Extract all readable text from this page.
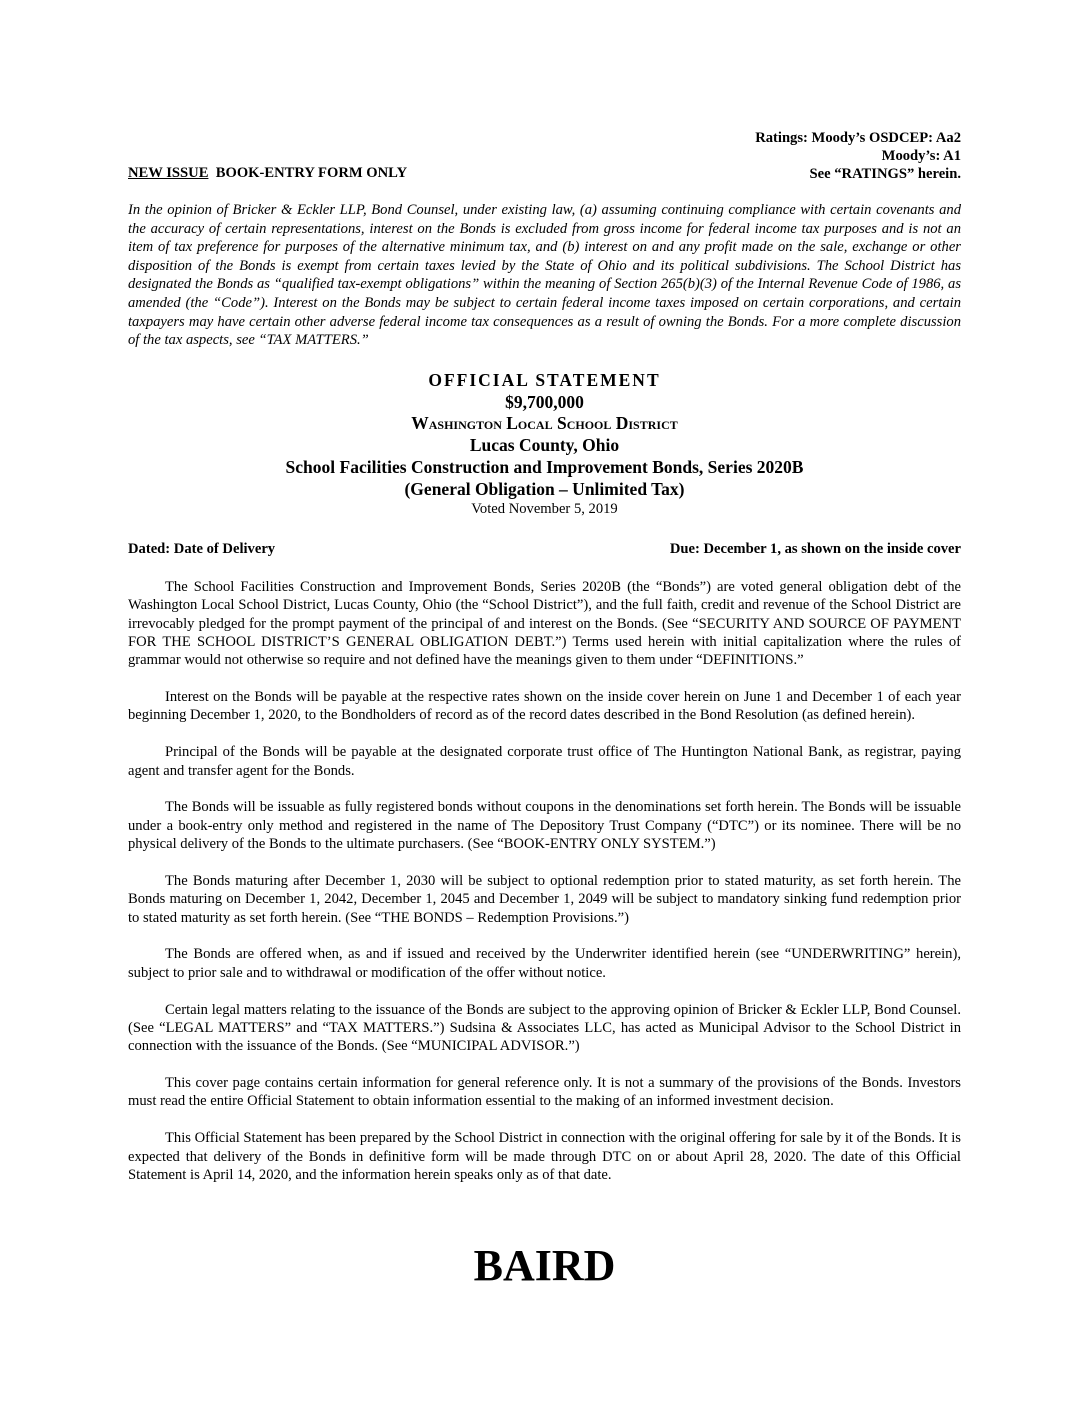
Ratings: Moody’s OSDCEP: Aa2
Moody’s: A1
See “RATINGS” herein.
NEW ISSUE BOOK-ENTRY FORM ONLY
In the opinion of Bricker & Eckler LLP, Bond Counsel, under existing law, (a) assuming continuing compliance with certain covenants and the accuracy of certain representations, interest on the Bonds is excluded from gross income for federal income tax purposes and is not an item of tax preference for purposes of the alternative minimum tax, and (b) interest on and any profit made on the sale, exchange or other disposition of the Bonds is exempt from certain taxes levied by the State of Ohio and its political subdivisions. The School District has designated the Bonds as “qualified tax-exempt obligations” within the meaning of Section 265(b)(3) of the Internal Revenue Code of 1986, as amended (the “Code”). Interest on the Bonds may be subject to certain federal income taxes imposed on certain corporations, and certain taxpayers may have certain other adverse federal income tax consequences as a result of owning the Bonds. For a more complete discussion of the tax aspects, see “TAX MATTERS.”
OFFICIAL STATEMENT
$9,700,000
Washington Local School District
Lucas County, Ohio
School Facilities Construction and Improvement Bonds, Series 2020B
(General Obligation – Unlimited Tax)
Voted November 5, 2019
Dated: Date of Delivery	Due: December 1, as shown on the inside cover

The School Facilities Construction and Improvement Bonds, Series 2020B (the “Bonds”) are voted general obligation debt of the Washington Local School District, Lucas County, Ohio (the “School District”), and the full faith, credit and revenue of the School District are irrevocably pledged for the prompt payment of the principal of and interest on the Bonds. (See “SECURITY AND SOURCE OF PAYMENT FOR THE SCHOOL DISTRICT’S GENERAL OBLIGATION DEBT.”) Terms used herein with initial capitalization where the rules of grammar would not otherwise so require and not defined have the meanings given to them under “DEFINITIONS.”

Interest on the Bonds will be payable at the respective rates shown on the inside cover herein on June 1 and December 1 of each year beginning December 1, 2020, to the Bondholders of record as of the record dates described in the Bond Resolution (as defined herein).

Principal of the Bonds will be payable at the designated corporate trust office of The Huntington National Bank, as registrar, paying agent and transfer agent for the Bonds.

The Bonds will be issuable as fully registered bonds without coupons in the denominations set forth herein. The Bonds will be issuable under a book-entry only method and registered in the name of The Depository Trust Company (“DTC”) or its nominee. There will be no physical delivery of the Bonds to the ultimate purchasers. (See “BOOK-ENTRY ONLY SYSTEM.”)

The Bonds maturing after December 1, 2030 will be subject to optional redemption prior to stated maturity, as set forth herein. The Bonds maturing on December 1, 2042, December 1, 2045 and December 1, 2049 will be subject to mandatory sinking fund redemption prior to stated maturity as set forth herein. (See “THE BONDS – Redemption Provisions.”)

The Bonds are offered when, as and if issued and received by the Underwriter identified herein (see “UNDERWRITING” herein), subject to prior sale and to withdrawal or modification of the offer without notice.

Certain legal matters relating to the issuance of the Bonds are subject to the approving opinion of Bricker & Eckler LLP, Bond Counsel. (See “LEGAL MATTERS” and “TAX MATTERS.”) Sudsina & Associates LLC, has acted as Municipal Advisor to the School District in connection with the issuance of the Bonds. (See “MUNICIPAL ADVISOR.”)

This cover page contains certain information for general reference only. It is not a summary of the provisions of the Bonds. Investors must read the entire Official Statement to obtain information essential to the making of an informed investment decision.

This Official Statement has been prepared by the School District in connection with the original offering for sale by it of the Bonds. It is expected that delivery of the Bonds in definitive form will be made through DTC on or about April 28, 2020. The date of this Official Statement is April 14, 2020, and the information herein speaks only as of that date.

BAIRD
